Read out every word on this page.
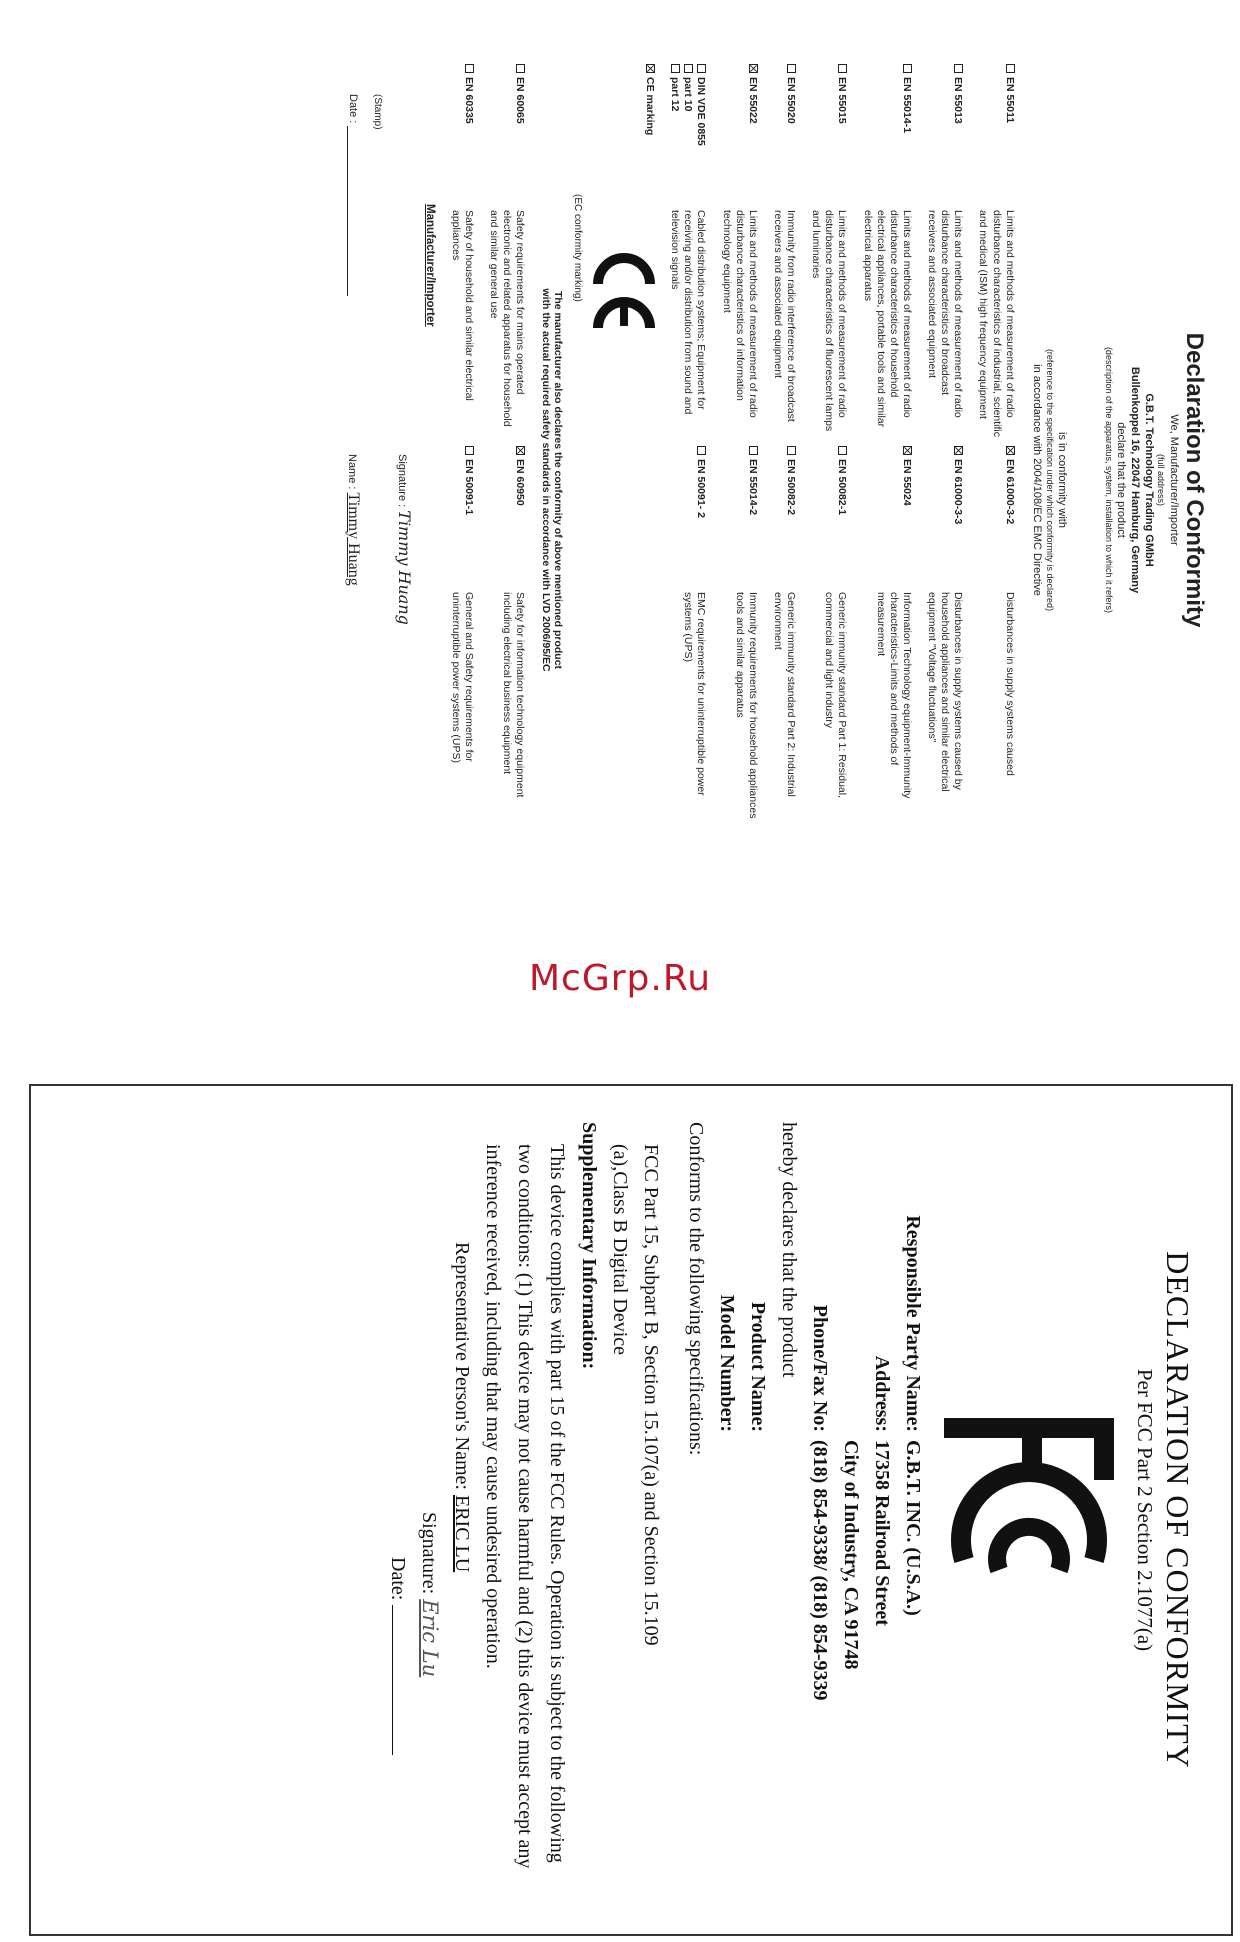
Declaration of Conformity
We, Manufacturer/Importer
(full address)
G.B.T. Technology Trading GMbH
Bullenkoppel 16, 22047 Hamburg, Germany
declare that the product
(description of the apparatus, system, installation to which it refers)
is in conformity with
(reference to the specification under which conformity is declared)
in accordance with 2004/108/EC EMC Directive
EN 55011	Limits and methods of measurement of radio disturbance characteristics of industrial, scientific and medical (ISM) high frequency equipment	EN 61000-3-2	Disturbances in supply systems caused
EN 55013	Limits and methods of measurement of radio disturbance characteristics of broadcast receivers and associated equipment	EN 61000-3-3	Disturbances in supply systems caused by household appliances and similar electrical equipment "Voltage fluctuations"
EN 55014-1	Limits and methods of measurement of radio disturbance characteristics of household electrical appliances, portable tools and similar electrical apparatus	EN 55024	Information Technology equipment-Immunity characteristics-Limits and methods of measurement
EN 55015	Limits and methods of measurement of radio disturbance characteristics of fluorescent lamps and luminaries	EN 50082-1	Generic immunity standard Part 1: Residual, commercial and light industry
EN 55020	Immunity from radio interference of broadcast receivers and associated equipment	EN 50082-2	Generic immunity standard Part 2: Industrial environment
EN 55022	Limits and methods of measurement of radio disturbance characteristics of information technology equipment	EN 55014-2	Immunity requirements for household appliances tools and similar apparatus

DIN VDE 0855
part 10
part 12	Cabled distribution systems; Equipment for receiving and/or distribution from sound and television signals	EN 50091- 2	EMC requirements for uninterruptible power systems (UPS)
CE marking
(EC conformity marking)
The manufacturer also declares the conformity of above mentioned product
with the actual required safety standards in accordance with LVD 2006/95/EC
EN 60065	Safety requirements for mains operated electronic and related apparatus for household and similar general use	EN 60950	Safety for information technology equipment including electrical business equipment
EN 60335	Safety of household and similar electrical appliances	EN 50091-1	General and Safety requirements for uninterruptible power systems (UPS)
Manufacturer/Importer
Signature : Timmy Huang
(Stamp)
Date :
Name : Timmy Huang
McGrp.Ru
DECLARATION OF CONFORMITY
Per FCC Part 2 Section 2.1077(a)
Responsible Party Name:
G.B.T. INC. (U.S.A.)
Address:
17358 Railroad Street
City of Industry, CA 91748
Phone/Fax No:
(818) 854-9338/ (818) 854-9339
hereby declares that the product
Product Name:
Model Number:
Conforms to the following specifications:
FCC Part 15, Subpart B, Section 15.107(a) and Section 15.109
(a),Class B Digital Device
Supplementary Information:
This device complies with part 15 of the FCC Rules. Operation is subject to the following two conditions: (1) This device may not cause harmful and (2) this device must accept any inference received, including that may cause undesired operation.
Representative Person's Name: ERIC LU
Signature: Eric Lu
Date:
